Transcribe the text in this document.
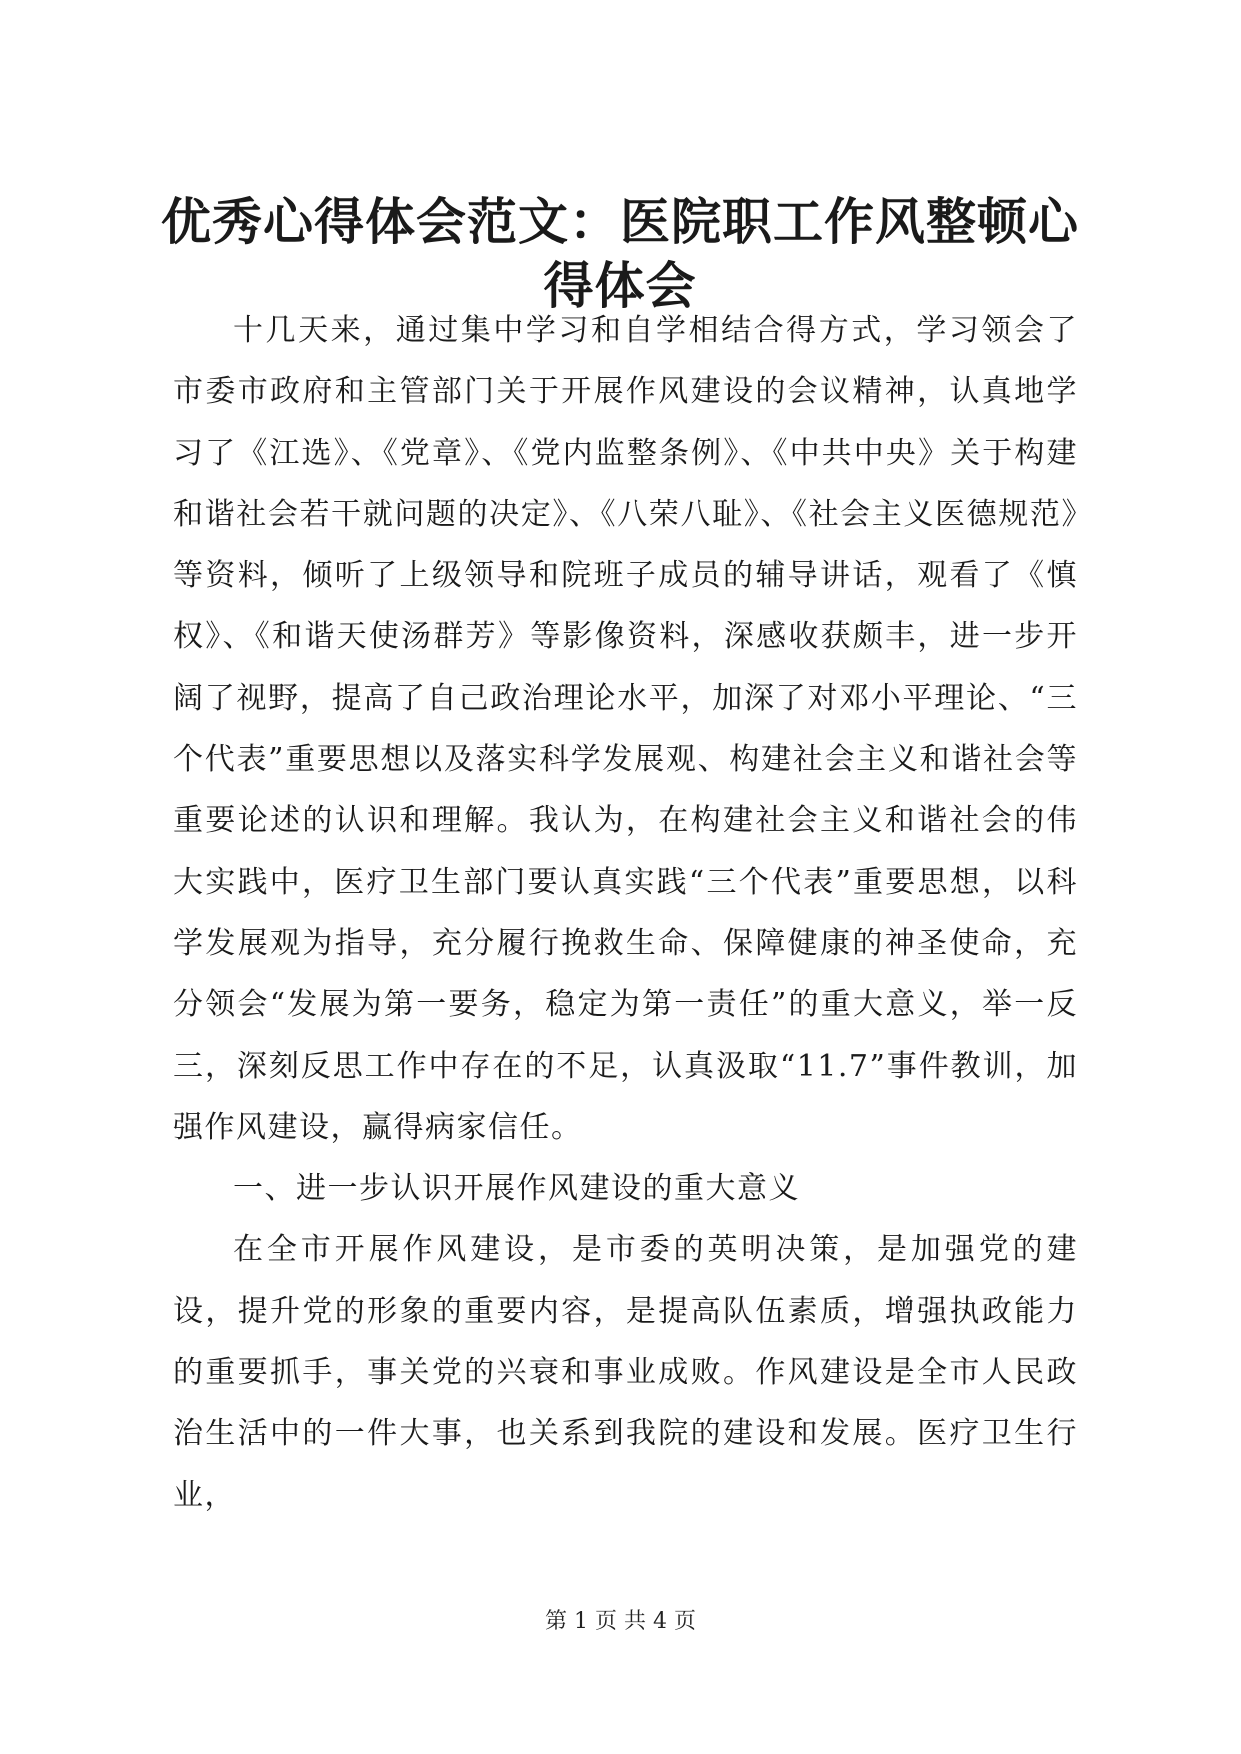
优秀心得体会范文：医院职工作风整顿心得体会

十几天来，通过集中学习和自学相结合得方式，学习领会了市委市政府和主管部门关于开展作风建设的会议精神，认真地学习了《江选》、《党章》、《党内监整条例》、《中共中央》关于构建和谐社会若干就问题的决定》、《八荣八耻》、《社会主义医德规范》等资料，倾听了上级领导和院班子成员的辅导讲话，观看了《慎权》、《和谐天使汤群芳》等影像资料，深感收获颇丰，进一步开阔了视野，提高了自己政治理论水平，加深了对邓小平理论、“三个代表”重要思想以及落实科学发展观、构建社会主义和谐社会等重要论述的认识和理解。我认为，在构建社会主义和谐社会的伟大实践中，医疗卫生部门要认真实践“三个代表”重要思想，以科学发展观为指导，充分履行挽救生命、保障健康的神圣使命，充分领会“发展为第一要务，稳定为第一责任”的重大意义，举一反三，深刻反思工作中存在的不足，认真汲取“11.7”事件教训，加强作风建设，赢得病家信任。

一、进一步认识开展作风建设的重大意义

在全市开展作风建设，是市委的英明决策，是加强党的建设，提升党的形象的重要内容，是提高队伍素质，增强执政能力的重要抓手，事关党的兴衰和事业成败。作风建设是全市人民政治生活中的一件大事，也关系到我院的建设和发展。医疗卫生行业，

第 1 页 共 4 页
